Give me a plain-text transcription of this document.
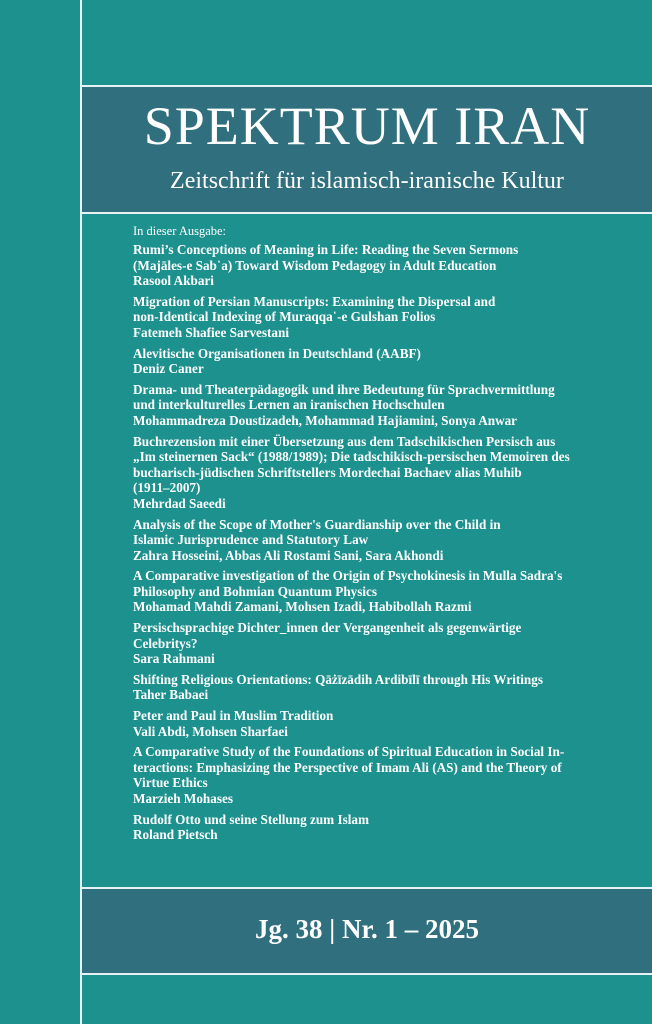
SPEKTRUM IRAN
Zeitschrift für islamisch-iranische Kultur
In dieser Ausgabe:
Rumi’s Conceptions of Meaning in Life: Reading the Seven Sermons
(Majāles-e Sab῾a) Toward Wisdom Pedagogy in Adult Education
Rasool Akbari
Migration of Persian Manuscripts: Examining the Dispersal and
non-Identical Indexing of Muraqqa῾-e Gulshan Folios
Fatemeh Shafiee Sarvestani
Alevitische Organisationen in Deutschland (AABF)
Deniz Caner
Drama- und Theaterpädagogik und ihre Bedeutung für Sprachvermittlung
und interkulturelles Lernen an iranischen Hochschulen
Mohammadreza Doustizadeh, Mohammad Hajiamini, Sonya Anwar
Buchrezension mit einer Übersetzung aus dem Tadschikischen Persisch aus
„Im steinernen Sack“ (1988/1989); Die tadschikisch-persischen Memoiren des
bucharisch-jüdischen Schriftstellers Mordechai Bachaev alias Muhib
(1911–2007)
Mehrdad Saeedi
Analysis of the Scope of Mother's Guardianship over the Child in
Islamic Jurisprudence and Statutory Law
Zahra Hosseini, Abbas Ali Rostami Sani, Sara Akhondi
A Comparative investigation of the Origin of Psychokinesis in Mulla Sadra's
Philosophy and Bohmian Quantum Physics
Mohamad Mahdi Zamani, Mohsen Izadi, Habibollah Razmi
Persischsprachige Dichter_innen der Vergangenheit als gegenwärtige
Celebritys?
Sara Rahmani
Shifting Religious Orientations: Qāżīzādih Ardibīlī through His Writings
Taher Babaei
Peter and Paul in Muslim Tradition
Vali Abdi, Mohsen Sharfaei
A Comparative Study of the Foundations of Spiritual Education in Social In-
teractions: Emphasizing the Perspective of Imam Ali (AS) and the Theory of
Virtue Ethics
Marzieh Mohases
Rudolf Otto und seine Stellung zum Islam
Roland Pietsch
Jg. 38 | Nr. 1 – 2025
